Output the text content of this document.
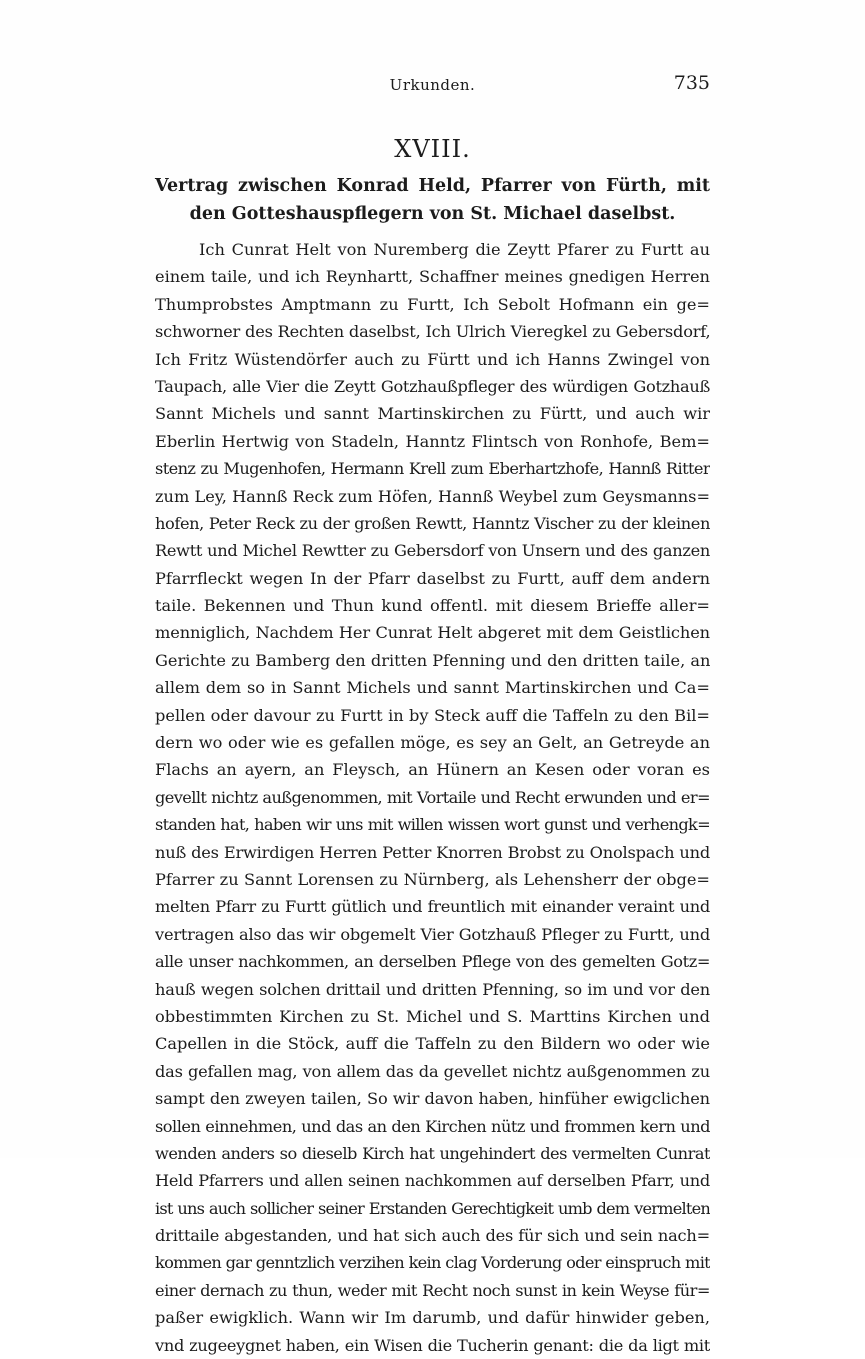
Urkunden.	735
XVIII.
Vertrag zwischen Konrad Held, Pfarrer von Fürth, mit
den Gotteshauspflegern von St. Michael daselbst.
Ich Cunrat Helt von Nuremberg die Zeytt Pfarer zu Furtt au
einem taile, und ich Reynhartt, Schaffner meines gnedigen Herren
Thumprobstes Amptmann zu Furtt, Ich Sebolt Hofmann ein ge=
schworner des Rechten daselbst, Ich Ulrich Vieregkel zu Gebersdorf,
Ich Fritz Wüstendörfer auch zu Fürtt und ich Hanns Zwingel von
Taupach, alle Vier die Zeytt Gotzhaußpfleger des würdigen Gotzhauß
Sannt Michels und sannt Martinskirchen zu Fürtt, und auch wir
Eberlin Hertwig von Stadeln, Hanntz Flintsch von Ronhofe, Bem=
stenz zu Mugenhofen, Hermann Krell zum Eberhartzhofe, Hannß Ritter
zum Ley, Hannß Reck zum Höfen, Hannß Weybel zum Geysmanns=
hofen, Peter Reck zu der großen Rewtt, Hanntz Vischer zu der kleinen
Rewtt und Michel Rewtter zu Gebersdorf von Unsern und des ganzen
Pfarrfleckt wegen In der Pfarr daselbst zu Furtt, auff dem andern
taile. Bekennen und Thun kund offentl. mit diesem Brieffe aller=
menniglich, Nachdem Her Cunrat Helt abgeret mit dem Geistlichen
Gerichte zu Bamberg den dritten Pfenning und den dritten taile, an
allem dem so in Sannt Michels und sannt Martinskirchen und Ca=
pellen oder davour zu Furtt in by Steck auff die Taffeln zu den Bil=
dern wo oder wie es gefallen möge, es sey an Gelt, an Getreyde an
Flachs an ayern, an Fleysch, an Hünern an Kesen oder voran es
gevellt nichtz außgenommen, mit Vortaile und Recht erwunden und er=
standen hat, haben wir uns mit willen wissen wort gunst und verhengk=
nuß des Erwirdigen Herren Petter Knorren Brobst zu Onolspach und
Pfarrer zu Sannt Lorensen zu Nürnberg, als Lehensherr der obge=
melten Pfarr zu Furtt gütlich und freuntlich mit einander veraint und
vertragen also das wir obgemelt Vier Gotzhauß Pfleger zu Furtt, und
alle unser nachkommen, an derselben Pflege von des gemelten Gotz=
hauß wegen solchen drittail und dritten Pfenning, so im und vor den
obbestimmten Kirchen zu St. Michel und S. Marttins Kirchen und
Capellen in die Stöck, auff die Taffeln zu den Bildern wo oder wie
das gefallen mag, von allem das da gevellet nichtz außgenommen zu
sampt den zweyen tailen, So wir davon haben, hinfüher ewigclichen
sollen einnehmen, und das an den Kirchen nütz und frommen kern und
wenden anders so dieselb Kirch hat ungehindert des vermelten Cunrat
Held Pfarrers und allen seinen nachkommen auf derselben Pfarr, und
ist uns auch sollicher seiner Erstanden Gerechtigkeit umb dem vermelten
drittaile abgestanden, und hat sich auch des für sich und sein nach=
kommen gar genntzlich verzihen kein clag Vorderung oder einspruch mit
einer dernach zu thun, weder mit Recht noch sunst in kein Weyse für=
paßer ewigklich. Wann wir Im darumb, und dafür hinwider geben,
vnd zugeeygnet haben, ein Wisen die Tucherin genant: die da ligt mit
